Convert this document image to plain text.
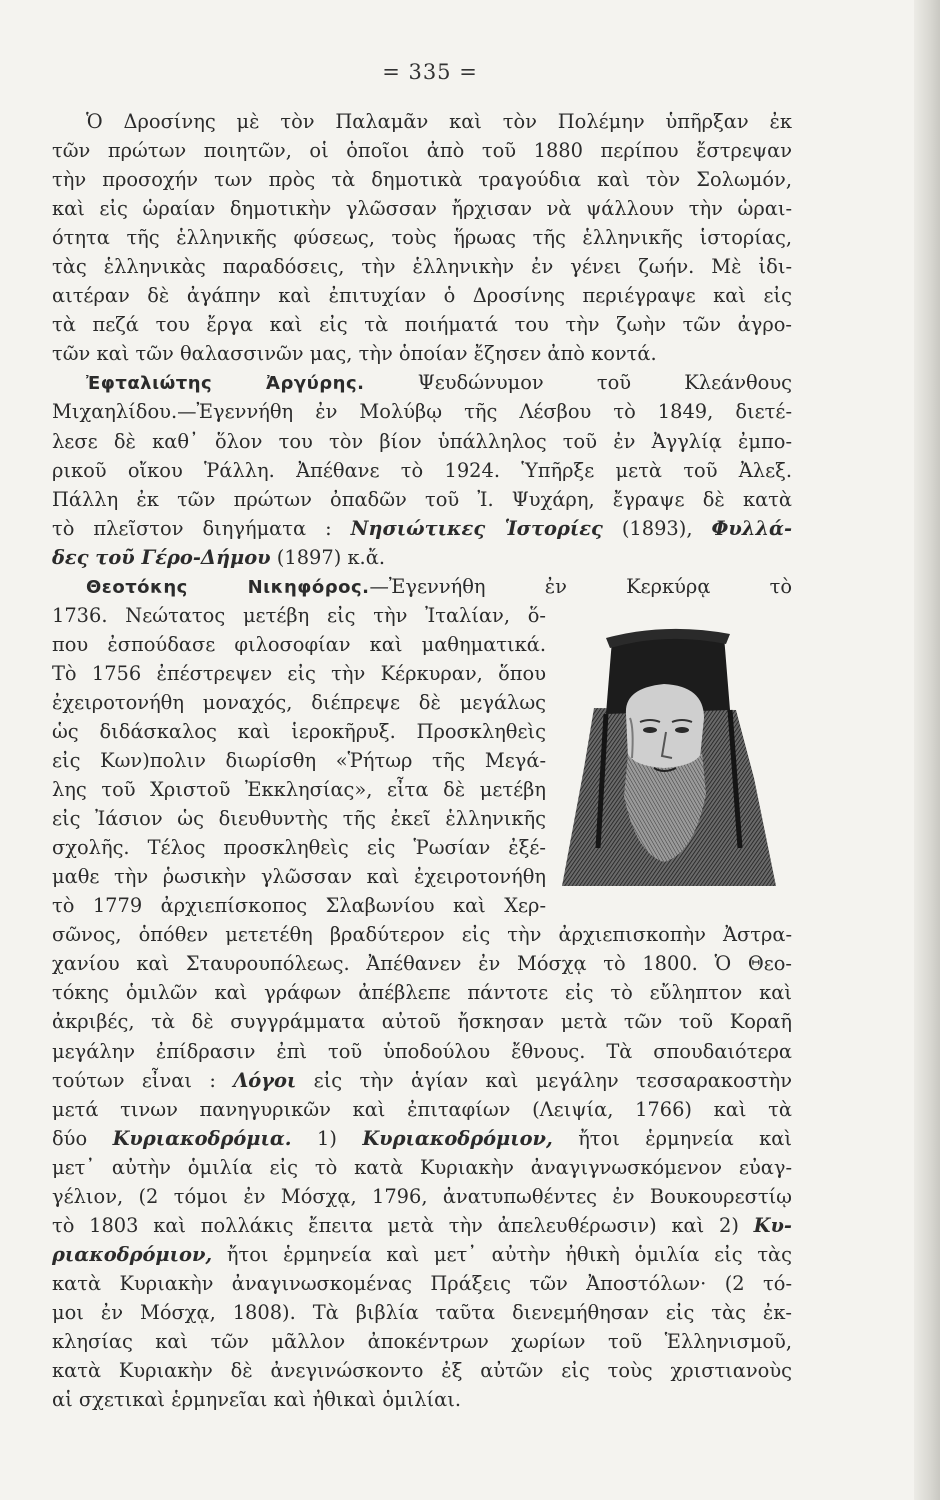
= 335 =
Ὁ Δροσίνης μὲ τὸν Παλαμᾶν καὶ τὸν Πολέμην ὑπῆρξαν ἐκ
τῶν πρώτων ποιητῶν, οἱ ὁποῖοι ἀπὸ τοῦ 1880 περίπου ἔστρεψαν
τὴν προσοχήν των πρὸς τὰ δημοτικὰ τραγούδια καὶ τὸν Σολωμόν,
καὶ εἰς ὡραίαν δημοτικὴν γλῶσσαν ἤρχισαν νὰ ψάλλουν τὴν ὡραι-
ότητα τῆς ἑλληνικῆς φύσεως, τοὺς ἥρωας τῆς ἑλληνικῆς ἱστορίας,
τὰς ἑλληνικὰς παραδόσεις, τὴν ἑλληνικὴν ἐν γένει ζωήν. Μὲ ἰδι-
αιτέραν δὲ ἀγάπην καὶ ἐπιτυχίαν ὁ Δροσίνης περιέγραψε καὶ εἰς
τὰ πεζά του ἔργα καὶ εἰς τὰ ποιήματά του τὴν ζωὴν τῶν ἀγρο-
τῶν καὶ τῶν θαλασσινῶν μας, τὴν ὁποίαν ἔζησεν ἀπὸ κοντά.
Ἐφταλιώτης Ἀργύρης.	Ψευδώνυμον τοῦ Κλεάνθους
Μιχαηλίδου.—Ἐγεννήθη ἐν Μολύβῳ τῆς Λέσβου τὸ 1849, διετέ-
λεσε δὲ καθ᾽ ὅλον του τὸν βίον ὑπάλληλος τοῦ ἐν Ἀγγλίᾳ ἐμπο-
ρικοῦ οἴκου Ῥάλλη. Ἀπέθανε τὸ 1924. Ὑπῆρξε μετὰ τοῦ Ἀλεξ.
Πάλλη ἐκ τῶν πρώτων ὀπαδῶν τοῦ Ἰ. Ψυχάρη, ἔγραψε δὲ κατὰ
τὸ πλεῖστον διηγήματα : Νησιώτικες Ἱστορίες (1893), Φυλλά-
δες τοῦ Γέρο-Δήμου (1897) κ.ἄ.
Θεοτόκης Νικηφόρος.—Ἐγεννήθη ἐν Κερκύρᾳ τὸ
1736. Νεώτατος μετέβη εἰς τὴν Ἰταλίαν, ὅ-
που ἐσπούδασε φιλοσοφίαν καὶ μαθηματικά.
Τὸ 1756 ἐπέστρεψεν εἰς τὴν Κέρκυραν, ὅπου
ἐχειροτονήθη μοναχός, διέπρεψε δὲ μεγάλως
ὡς διδάσκαλος καὶ ἱεροκῆρυξ. Προσκληθεὶς
εἰς Κων)πολιν διωρίσθη «Ῥήτωρ τῆς Μεγά-
λης τοῦ Χριστοῦ Ἐκκλησίας», εἶτα δὲ μετέβη
εἰς Ἰάσιον ὡς διευθυντὴς τῆς ἐκεῖ ἑλληνικῆς
σχολῆς. Τέλος προσκληθεὶς εἰς Ῥωσίαν ἐξέ-
μαθε τὴν ῥωσικὴν γλῶσσαν καὶ ἐχειροτονήθη
τὸ 1779 ἀρχιεπίσκοπος Σλαβωνίου καὶ Χερ-
σῶνος, ὁπόθεν μετετέθη βραδύτερον εἰς τὴν ἀρχιεπισκοπὴν Ἀστρα-
χανίου καὶ Σταυρουπόλεως. Ἀπέθανεν ἐν Μόσχᾳ τὸ 1800. Ὁ Θεο-
τόκης ὁμιλῶν καὶ γράφων ἀπέβλεπε πάντοτε εἰς τὸ εὔληπτον καὶ
ἀκριβές, τὰ δὲ συγγράμματα αὐτοῦ ἤσκησαν μετὰ τῶν τοῦ Κοραῆ
μεγάλην ἐπίδρασιν ἐπὶ τοῦ ὑποδούλου ἔθνους. Τὰ σπουδαιότερα
τούτων εἶναι : Λόγοι εἰς τὴν ἁγίαν καὶ μεγάλην τεσσαρακοστὴν
μετά τινων πανηγυρικῶν καὶ ἐπιταφίων (Λειψία, 1766) καὶ τὰ
δύο Κυριακοδρόμια. 1) Κυριακοδρόμιον, ἤτοι ἑρμηνεία καὶ
μετ᾽ αὐτὴν ὁμιλία εἰς τὸ κατὰ Κυριακὴν ἀναγιγνωσκόμενον εὐαγ-
γέλιον, (2 τόμοι ἐν Μόσχᾳ, 1796, ἀνατυπωθέντες ἐν Βουκουρεστίῳ
τὸ 1803 καὶ πολλάκις ἔπειτα μετὰ τὴν ἀπελευθέρωσιν) καὶ 2) Κυ-
ριακοδρόμιον, ἤτοι ἑρμηνεία καὶ μετ᾽ αὐτὴν ἠθικὴ ὁμιλία εἰς τὰς
κατὰ Κυριακὴν ἀναγινωσκομένας Πράξεις τῶν Ἀποστόλων· (2 τό-
μοι ἐν Μόσχᾳ, 1808). Τὰ βιβλία ταῦτα διενεμήθησαν εἰς τὰς ἐκ-
κλησίας καὶ τῶν μᾶλλον ἀποκέντρων χωρίων τοῦ Ἑλληνισμοῦ,
κατὰ Κυριακὴν δὲ ἀνεγινώσκοντο ἐξ αὐτῶν εἰς τοὺς χριστιανοὺς
αἱ σχετικαὶ ἑρμηνεῖαι καὶ ἠθικαὶ ὁμιλίαι.
